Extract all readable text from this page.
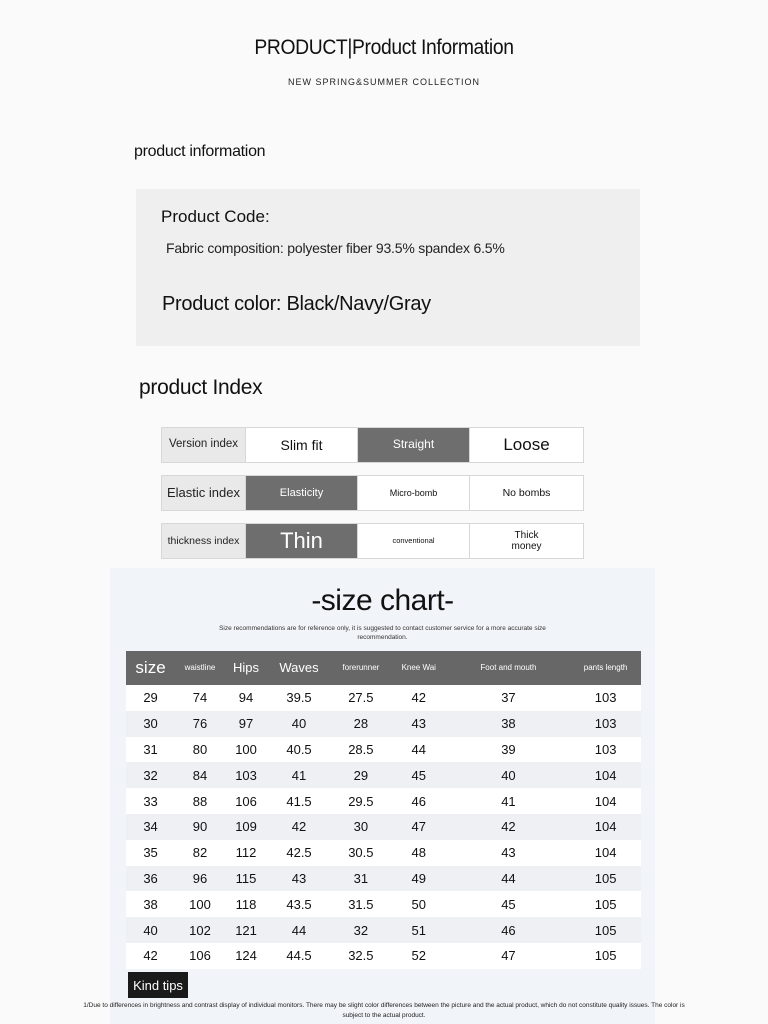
PRODUCT|Product Information
NEW SPRING&SUMMER COLLECTION
product information
Product Code:
Fabric composition: polyester fiber 93.5% spandex 6.5%
Product color: Black/Navy/Gray
product Index
Version index	Slim fit	Straight	Loose
Elastic index	Elasticity	Micro-bomb	No bombs
thickness index	Thin	conventional	Thick money
-size chart-
Size recommendations are for reference only, it is suggested to contact customer service for a more accurate size recommendation.
size	waistline	Hips	Waves	forerunner	Knee Wai	Foot and mouth	pants length
29	74	94	39.5	27.5	42	37	103
30	76	97	40	28	43	38	103
31	80	100	40.5	28.5	44	39	103
32	84	103	41	29	45	40	104
33	88	106	41.5	29.5	46	41	104
34	90	109	42	30	47	42	104
35	82	112	42.5	30.5	48	43	104
36	96	115	43	31	49	44	105
38	100	118	43.5	31.5	50	45	105
40	102	121	44	32	51	46	105
42	106	124	44.5	32.5	52	47	105
Kind tips
1/Due to differences in brightness and contrast display of individual monitors. There may be slight color differences between the picture and the actual product, which do not constitute quality issues. The color is subject to the actual product.
